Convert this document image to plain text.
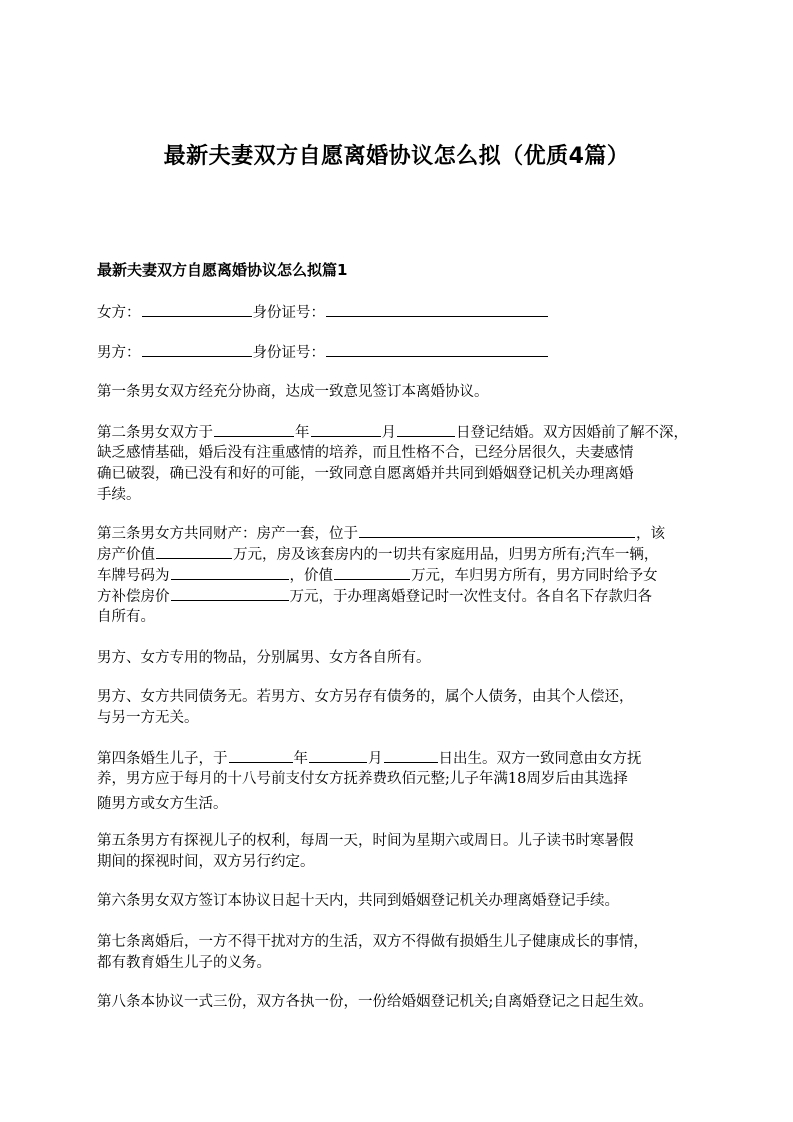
最新夫妻双方自愿离婚协议怎么拟（优质4篇）
最新夫妻双方自愿离婚协议怎么拟篇1
女方：	身份证号：
男方：	身份证号：
第一条男女双方经充分协商，达成一致意见签订本离婚协议。
第二条男女双方于	年	月	日登记结婚。双方因婚前了解不深，
缺乏感情基础，婚后没有注重感情的培养，而且性格不合，已经分居很久，夫妻感情
确已破裂，确已没有和好的可能，一致同意自愿离婚并共同到婚姻登记机关办理离婚
手续。
第三条男女方共同财产：房产一套，位于	，该
房产价值	万元，房及该套房内的一切共有家庭用品，归男方所有;汽车一辆，
车牌号码为	，价值	万元，车归男方所有，男方同时给予女
方补偿房价	万元，于办理离婚登记时一次性支付。各自名下存款归各
自所有。
男方、女方专用的物品，分别属男、女方各自所有。
男方、女方共同债务无。若男方、女方另存有债务的，属个人债务，由其个人偿还，
与另一方无关。
第四条婚生儿子，于	年	月	日出生。双方一致同意由女方抚
养，男方应于每月的十八号前支付女方抚养费玖佰元整;儿子年满18周岁后由其选择
随男方或女方生活。
第五条男方有探视儿子的权利，每周一天，时间为星期六或周日。儿子读书时寒暑假
期间的探视时间，双方另行约定。
第六条男女双方签订本协议日起十天内，共同到婚姻登记机关办理离婚登记手续。
第七条离婚后，一方不得干扰对方的生活，双方不得做有损婚生儿子健康成长的事情，
都有教育婚生儿子的义务。
第八条本协议一式三份，双方各执一份，一份给婚姻登记机关;自离婚登记之日起生效。
